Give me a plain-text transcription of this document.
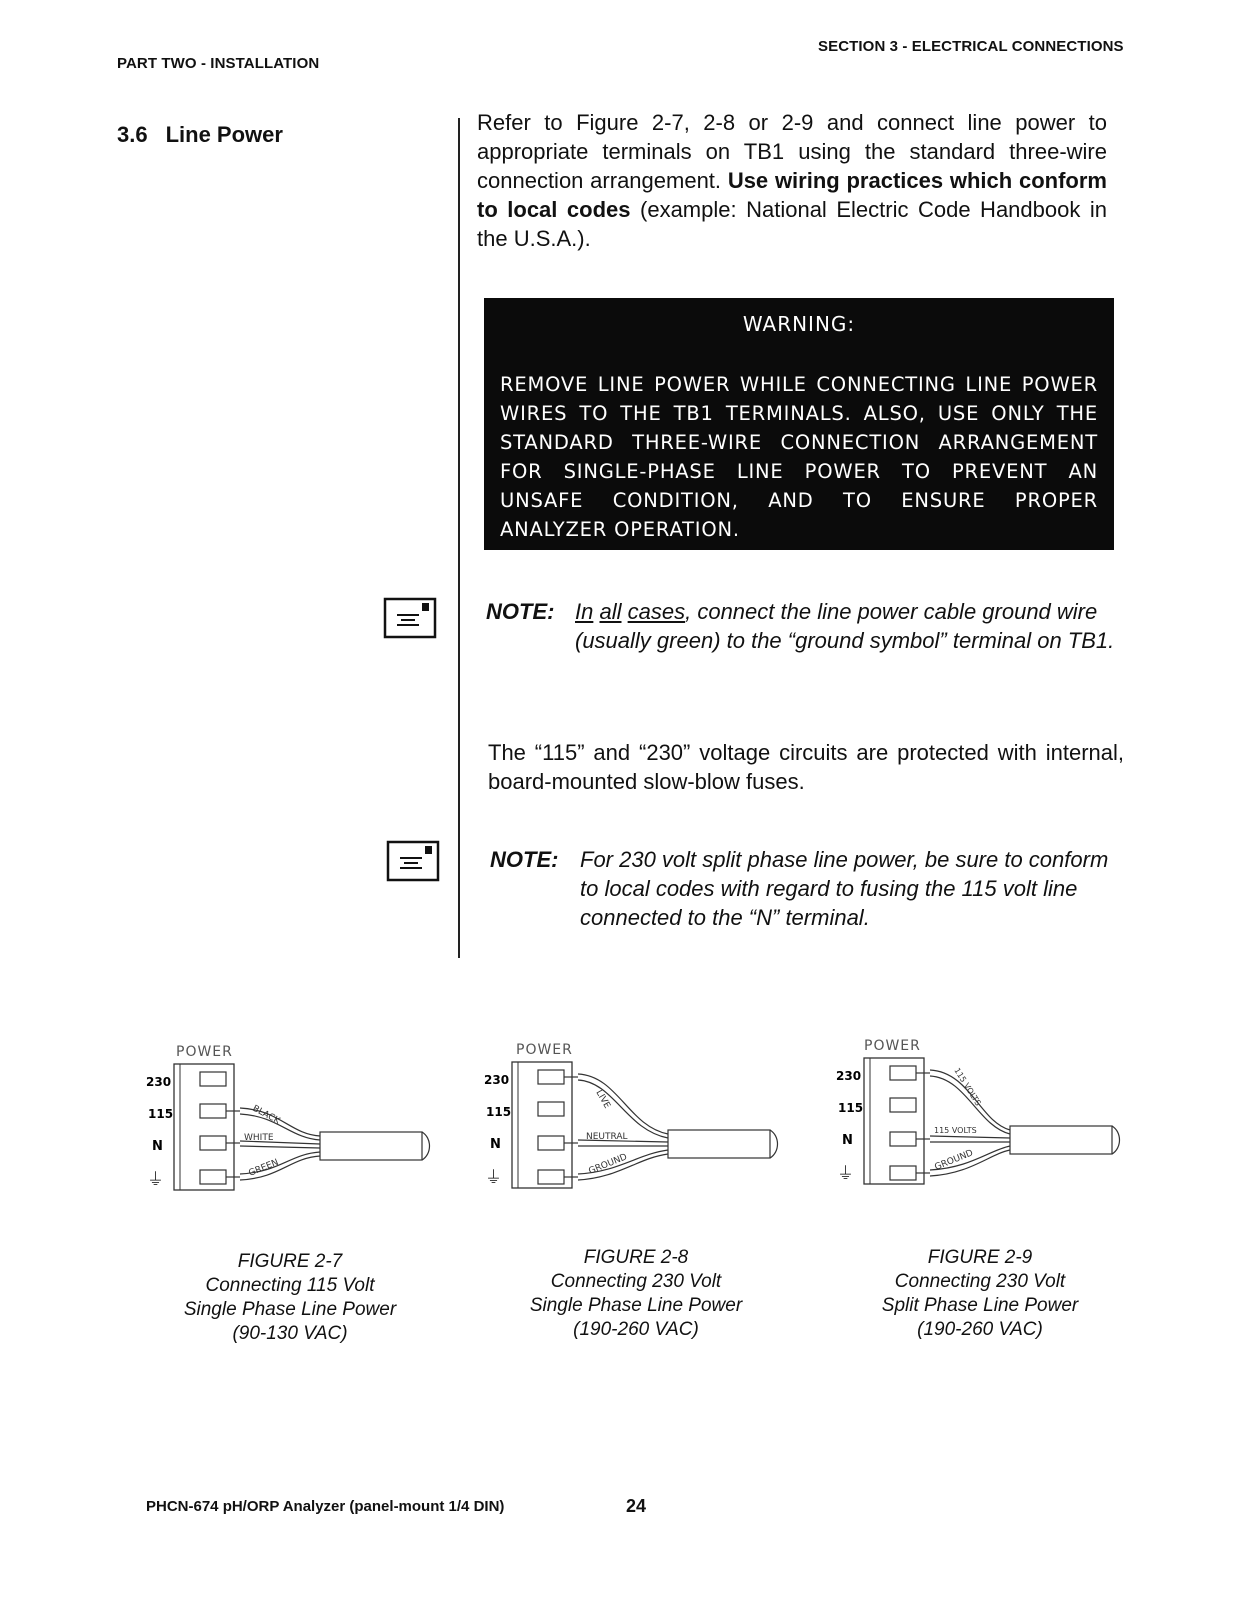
PART TWO - INSTALLATION
SECTION 3 - ELECTRICAL CONNECTIONS
3.6 Line Power	Refer to Figure 2-7, 2-8 or 2-9 and connect line power to appropriate terminals on TB1 using the standard three-wire connection arrangement. Use wiring practices which conform to local codes (example: National Electric Code Handbook in the U.S.A.).
WARNING:
REMOVE LINE POWER WHILE CONNECTING LINE POWER WIRES TO THE TB1 TERMINALS. ALSO, USE ONLY THE STANDARD THREE-WIRE CONNECTION ARRANGEMENT FOR SINGLE-PHASE LINE POWER TO PREVENT AN UNSAFE CONDITION, AND TO ENSURE PROPER ANALYZER OPERATION.
NOTE: In all cases, connect the line power cable ground wire (usually green) to the “ground symbol” terminal on TB1.
The “115” and “230” voltage circuits are protected with internal, board-mounted slow-blow fuses.
NOTE: For 230 volt split phase line power, be sure to conform to local codes with regard to fusing the 115 volt line connected to the “N” terminal.
POWER
230
115
N
⏚
BLACK
WHITE
GREEN
POWER
230
115
N
⏚
LIVE
NEUTRAL
GROUND
POWER
230
115
N
⏚
115 VOLTS
115 VOLTS
GROUND
FIGURE 2-7
Connecting 115 Volt
Single Phase Line Power
(90-130 VAC)
FIGURE 2-8
Connecting 230 Volt
Single Phase Line Power
(190-260 VAC)
FIGURE 2-9
Connecting 230 Volt
Split Phase Line Power
(190-260 VAC)
PHCN-674 pH/ORP Analyzer (panel-mount 1/4 DIN)	24
